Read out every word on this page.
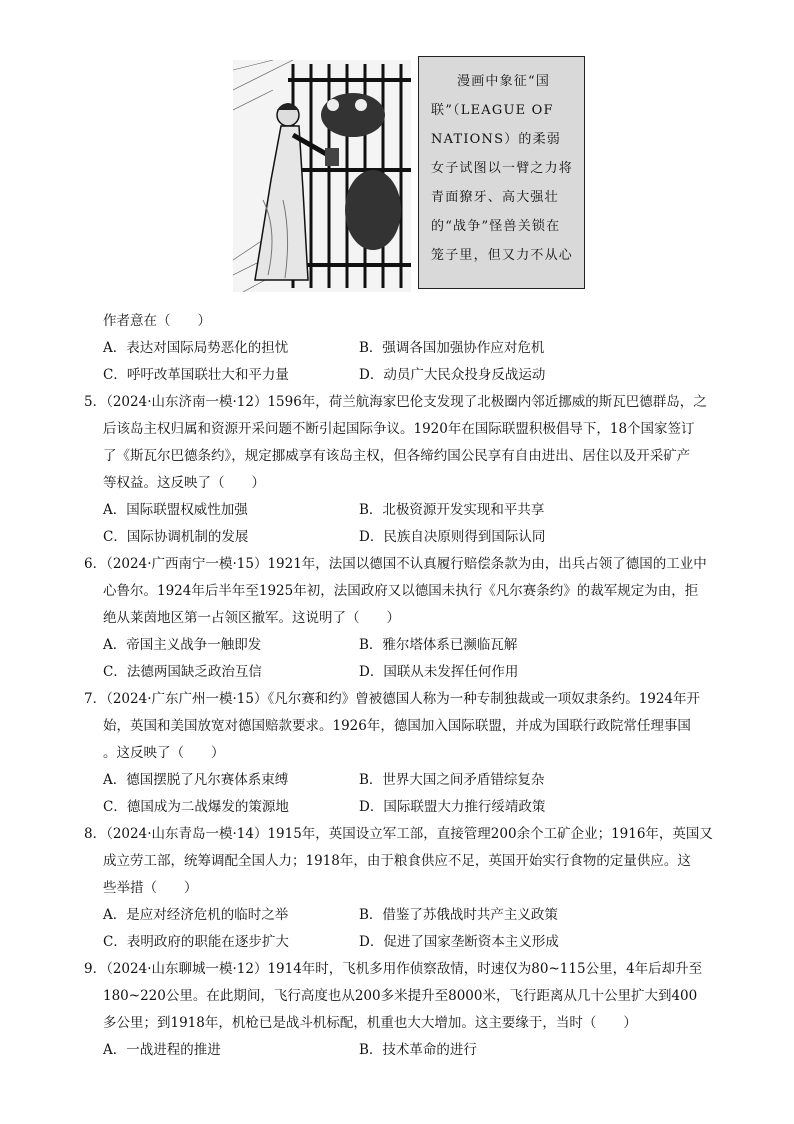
漫画中象征“国联”（LEAGUE OF NATIONS）的柔弱女子试图以一臂之力将青面獠牙、高大强壮的“战争”怪兽关锁在笼子里，但又力不从心

作者意在（　　）
A．表达对国际局势恶化的担忧	B．强调各国加强协作应对危机
C．呼吁改革国联壮大和平力量	D．动员广大民众投身反战运动
5．（2024·山东济南一模·12）1596年，荷兰航海家巴伦支发现了北极圈内邻近挪威的斯瓦巴德群岛，之
后该岛主权归属和资源开采问题不断引起国际争议。1920年在国际联盟积极倡导下，18个国家签订
了《斯瓦尔巴德条约》，规定挪威享有该岛主权，但各缔约国公民享有自由进出、居住以及开采矿产
等权益。这反映了（　　）
A．国际联盟权威性加强	B．北极资源开发实现和平共享
C．国际协调机制的发展	D．民族自决原则得到国际认同
6．（2024·广西南宁一模·15）1921年，法国以德国不认真履行赔偿条款为由，出兵占领了德国的工业中
心鲁尔。1924年后半年至1925年初，法国政府又以德国未执行《凡尔赛条约》的裁军规定为由，拒
绝从莱茵地区第一占领区撤军。这说明了（　　）
A．帝国主义战争一触即发	B．雅尔塔体系已濒临瓦解
C．法德两国缺乏政治互信	D．国联从未发挥任何作用
7．（2024·广东广州一模·15）《凡尔赛和约》曾被德国人称为一种专制独裁或一项奴隶条约。1924年开
始，英国和美国放宽对德国赔款要求。1926年，德国加入国际联盟，并成为国联行政院常任理事国
。这反映了（　　）
A．德国摆脱了凡尔赛体系束缚	B．世界大国之间矛盾错综复杂
C．德国成为二战爆发的策源地	D．国际联盟大力推行绥靖政策
8．（2024·山东青岛一模·14）1915年，英国设立军工部，直接管理200余个工矿企业；1916年，英国又
成立劳工部，统筹调配全国人力；1918年，由于粮食供应不足，英国开始实行食物的定量供应。这
些举措（　　）
A．是应对经济危机的临时之举	B．借鉴了苏俄战时共产主义政策
C．表明政府的职能在逐步扩大	D．促进了国家垄断资本主义形成
9．（2024·山东聊城一模·12）1914年时，飞机多用作侦察敌情，时速仅为80~115公里，4年后却升至
180~220公里。在此期间，飞行高度也从200多米提升至8000米，飞行距离从几十公里扩大到400
多公里；到1918年，机枪已是战斗机标配，机重也大大增加。这主要缘于，当时（　　）
A．一战进程的推进	B．技术革命的进行
